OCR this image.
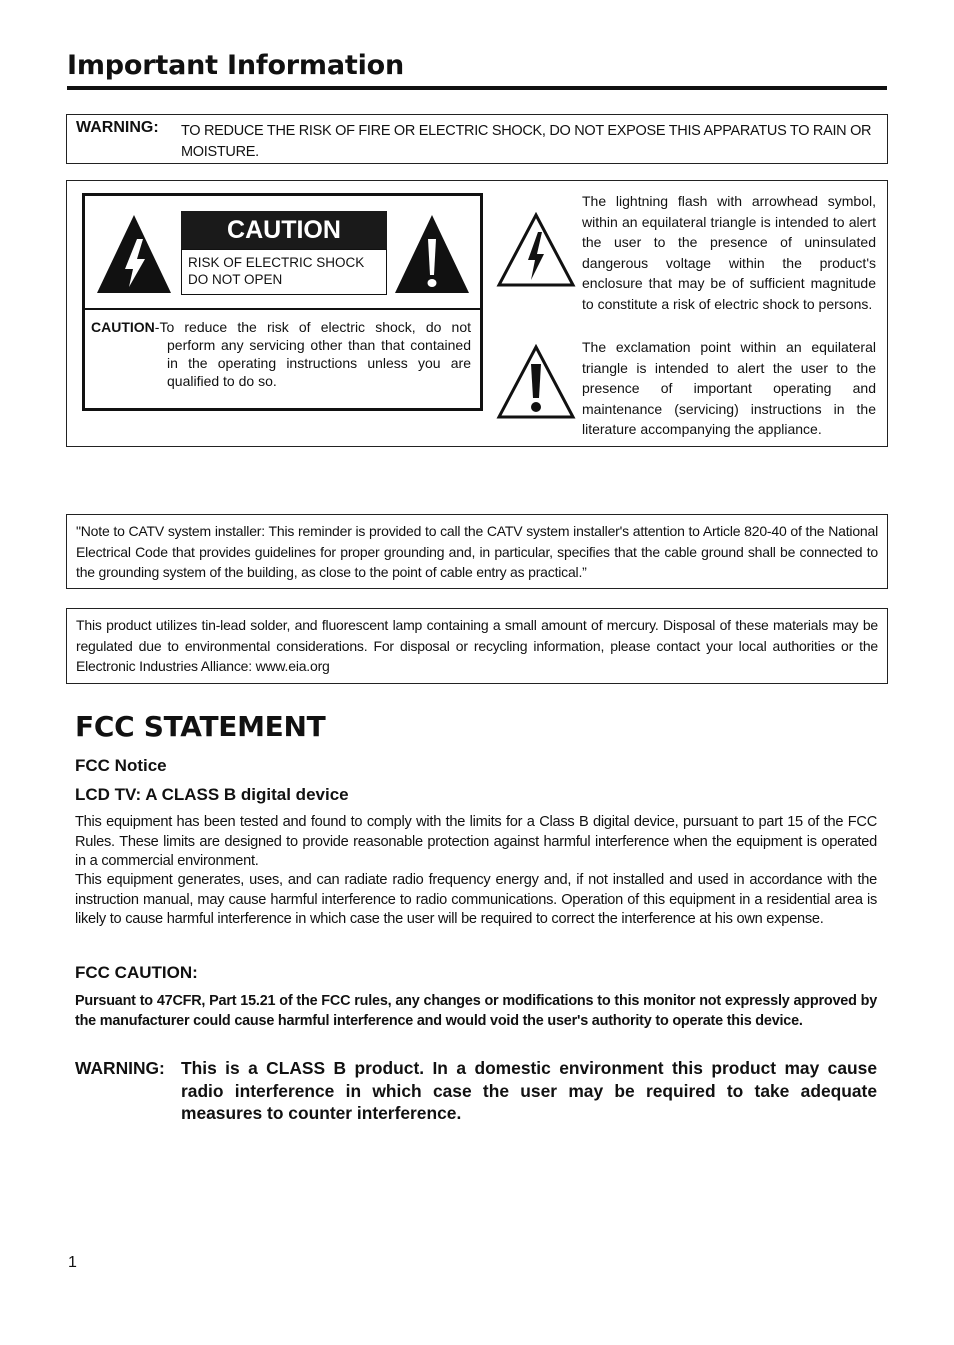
Important Information
WARNING: TO REDUCE THE RISK OF FIRE OR ELECTRIC SHOCK, DO NOT EXPOSE THIS APPARATUS TO RAIN OR MOISTURE.
CAUTION
RISK OF ELECTRIC SHOCK
DO NOT OPEN
CAUTION -To reduce the risk of electric shock, do not
perform any servicing other than that contained in the operating instructions unless you are qualified to do so.
The lightning flash with arrowhead symbol, within an equilateral triangle is intended to alert the user to the presence of uninsulated dangerous voltage within the product's enclosure that may be of sufficient magnitude to constitute a risk of electric shock to persons.
The exclamation point within an equilateral triangle is intended to alert the user to the presence of important operating and maintenance (servicing) instructions in the literature accompanying the appliance.
"Note to CATV system installer: This reminder is provided to call the CATV system installer's attention to Article 820-40 of the National Electrical Code that provides guidelines for proper grounding and, in particular, specifies that the cable ground shall be connected to the grounding system of the building, as close to the point of cable entry as practical.”
This product utilizes tin-lead solder, and fluorescent lamp containing a small amount of mercury. Disposal of these materials may be regulated due to environmental considerations. For disposal or recycling information, please contact your local authorities or the Electronic Industries Alliance: www.eia.org
FCC STATEMENT
FCC Notice
LCD TV: A CLASS B digital device
This equipment has been tested and found to comply with the limits for a Class B digital device, pursuant to part 15 of the FCC Rules. These limits are designed to provide reasonable protection against harmful interference when the equipment is operated in a commercial environment.
This equipment generates, uses, and can radiate radio frequency energy and, if not installed and used in accordance with the instruction manual, may cause harmful interference to radio communications. Operation of this equipment in a residential area is likely to cause harmful interference in which case the user will be required to correct the interference at his own expense.
FCC CAUTION:
Pursuant to 47CFR, Part 15.21 of the FCC rules, any changes or modifications to this monitor not expressly approved by the manufacturer could cause harmful interference and would void the user's authority to operate this device.
WARNING: This is a CLASS B product. In a domestic environment this product may cause radio interference in which case the user may be required to take adequate measures to counter interference.
1
